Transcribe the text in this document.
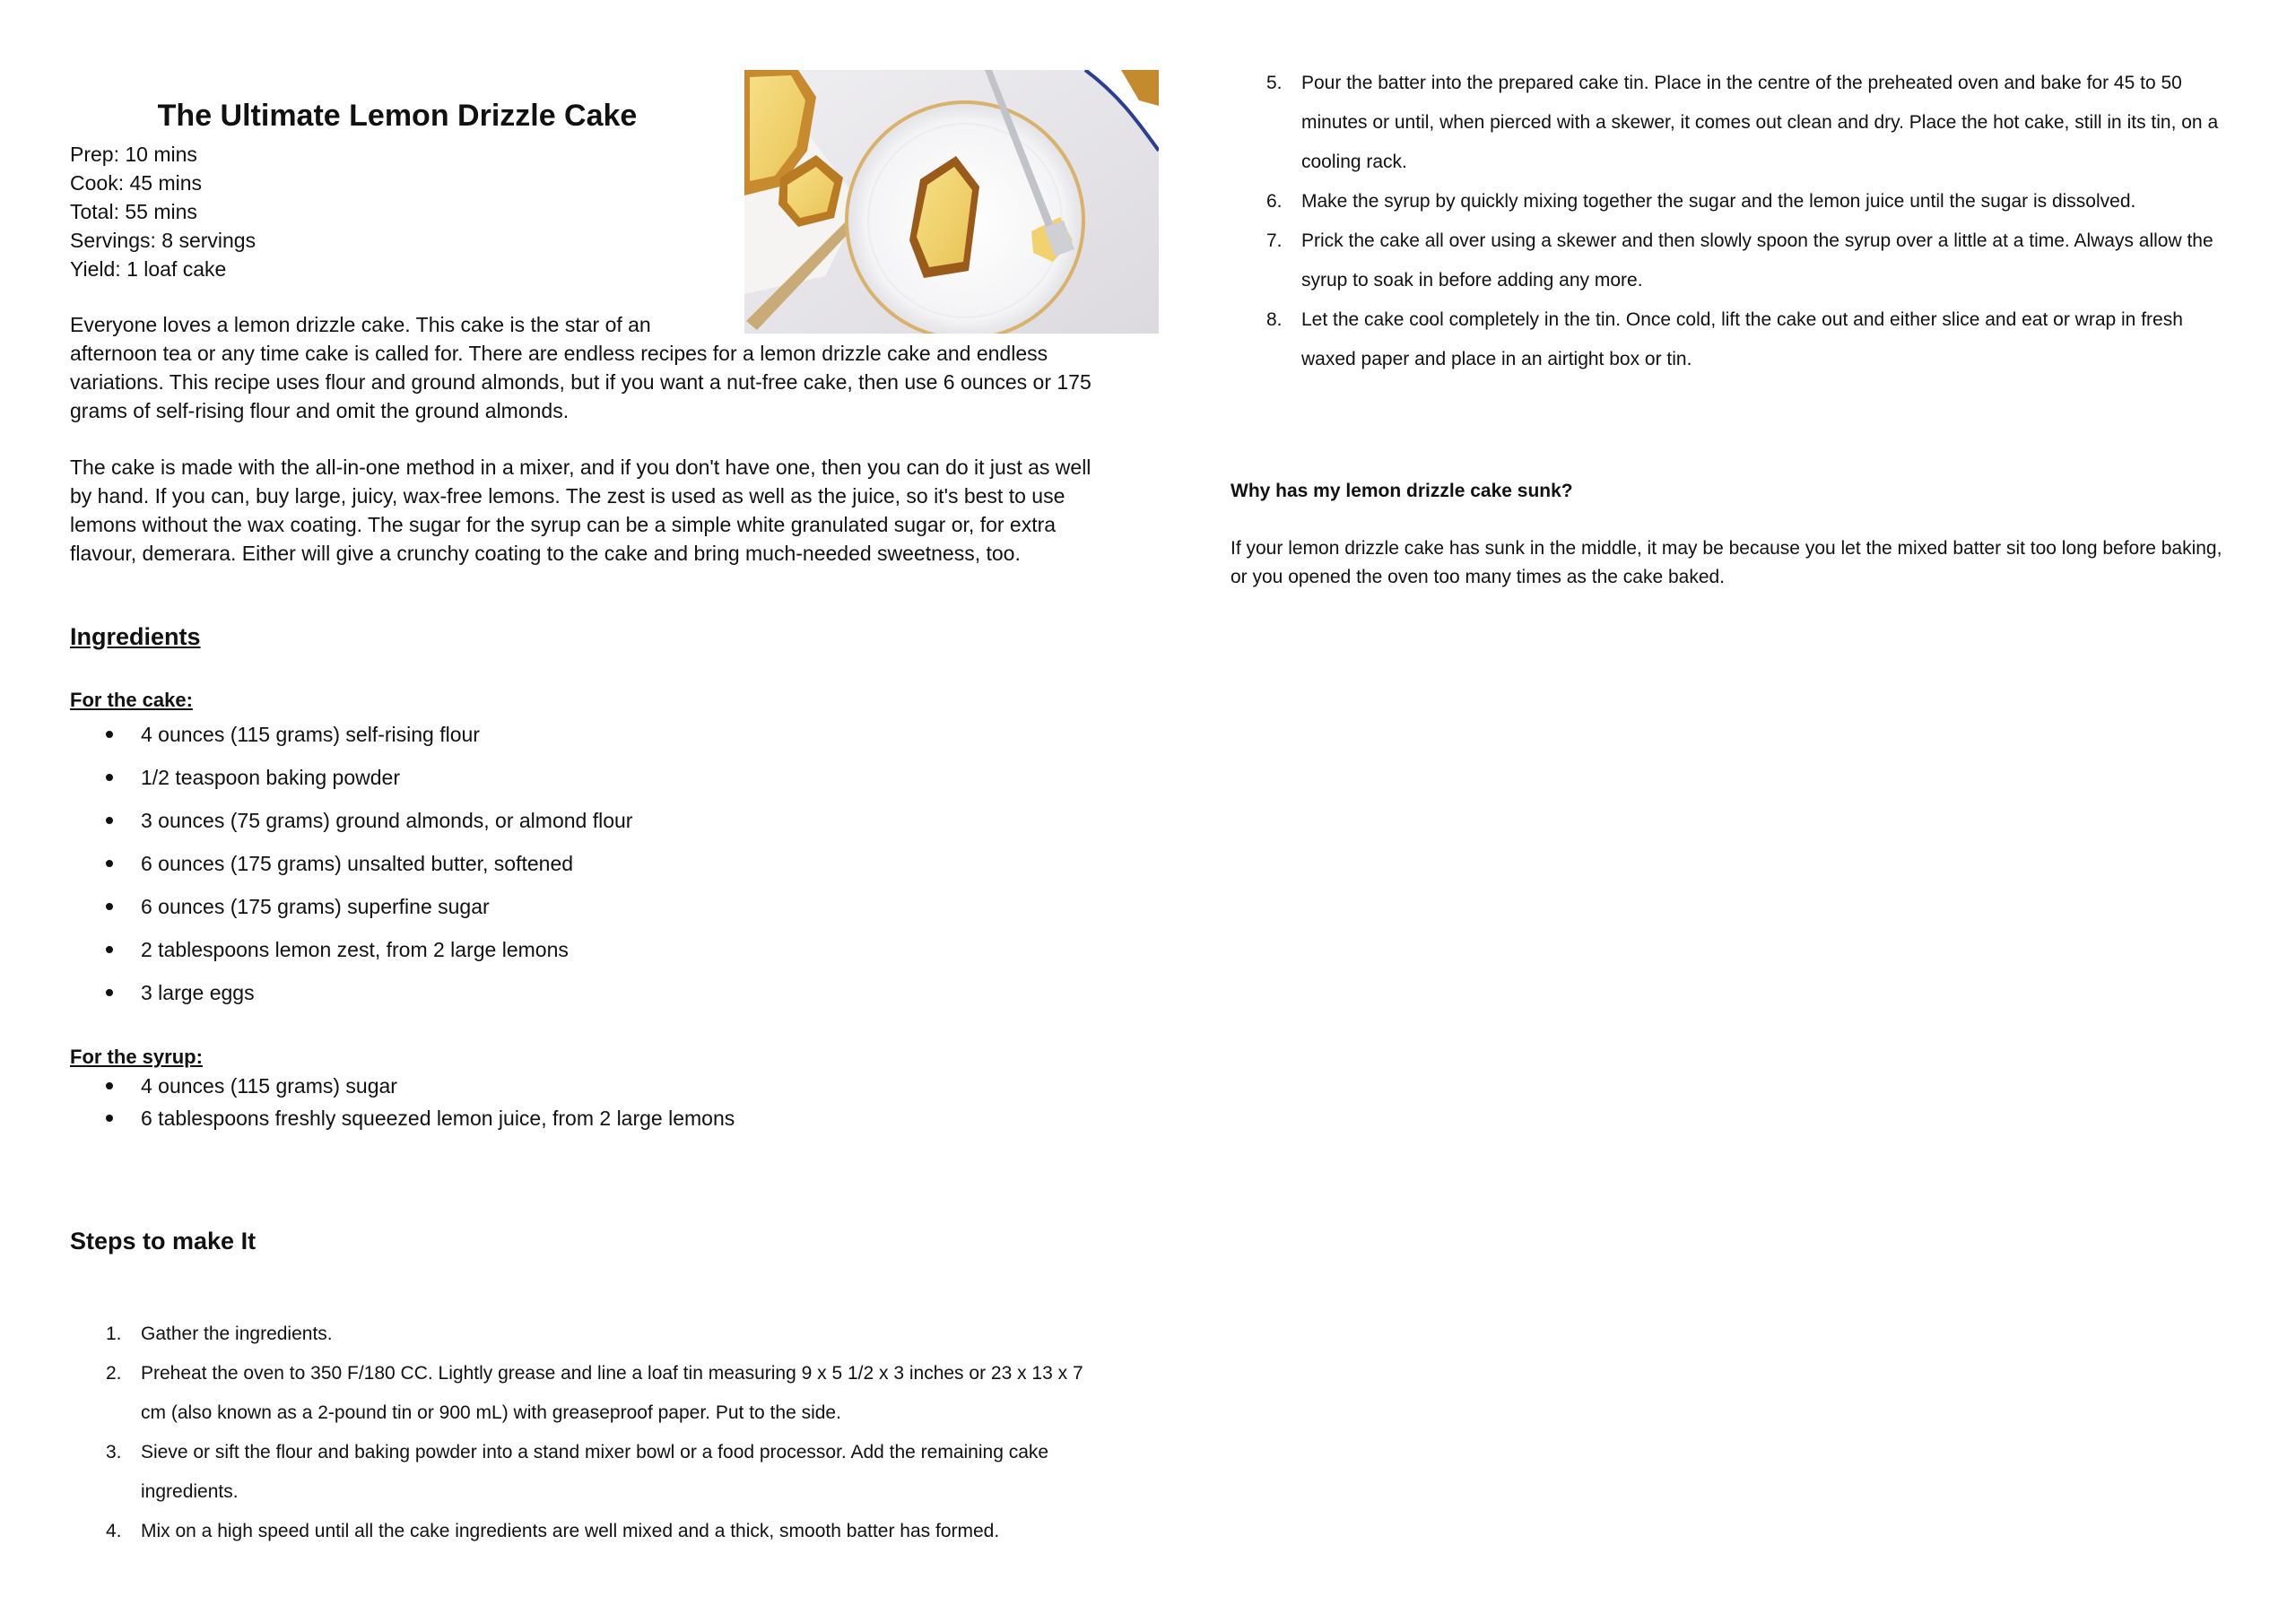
The Ultimate Lemon Drizzle Cake
Prep: 10 mins
Cook: 45 mins
Total: 55 mins
Servings: 8 servings
Yield: 1 loaf cake

Everyone loves a lemon drizzle cake. This cake is the star of an
afternoon tea or any time cake is called for. There are endless recipes for a lemon drizzle cake and endless variations. This recipe uses flour and ground almonds, but if you want a nut-free cake, then use 6 ounces or 175 grams of self-rising flour and omit the ground almonds.

The cake is made with the all-in-one method in a mixer, and if you don't have one, then you can do it just as well by hand. If you can, buy large, juicy, wax-free lemons. The zest is used as well as the juice, so it's best to use lemons without the wax coating. The sugar for the syrup can be a simple white granulated sugar or, for extra flavour, demerara. Either will give a crunchy coating to the cake and bring much-needed sweetness, too.

Ingredients
For the cake:
4 ounces (115 grams) self-rising flour
1/2 teaspoon baking powder
3 ounces (75 grams) ground almonds, or almond flour
6 ounces (175 grams) unsalted butter, softened
6 ounces (175 grams) superfine sugar
2 tablespoons lemon zest, from 2 large lemons
3 large eggs
For the syrup:
4 ounces (115 grams) sugar
6 tablespoons freshly squeezed lemon juice, from 2 large lemons
Steps to make It
1. Gather the ingredients.
2. Preheat the oven to 350 F/180 CC. Lightly grease and line a loaf tin measuring 9 x 5 1/2 x 3 inches or 23 x 13 x 7 cm (also known as a 2-pound tin or 900 mL) with greaseproof paper. Put to the side.
3. Sieve or sift the flour and baking powder into a stand mixer bowl or a food processor. Add the remaining cake ingredients.
4. Mix on a high speed until all the cake ingredients are well mixed and a thick, smooth batter has formed.
5. Pour the batter into the prepared cake tin. Place in the centre of the preheated oven and bake for 45 to 50 minutes or until, when pierced with a skewer, it comes out clean and dry. Place the hot cake, still in its tin, on a cooling rack.
6. Make the syrup by quickly mixing together the sugar and the lemon juice until the sugar is dissolved.
7. Prick the cake all over using a skewer and then slowly spoon the syrup over a little at a time. Always allow the syrup to soak in before adding any more.
8. Let the cake cool completely in the tin. Once cold, lift the cake out and either slice and eat or wrap in fresh waxed paper and place in an airtight box or tin.
Why has my lemon drizzle cake sunk?

If your lemon drizzle cake has sunk in the middle, it may be because you let the mixed batter sit too long before baking, or you opened the oven too many times as the cake baked.
